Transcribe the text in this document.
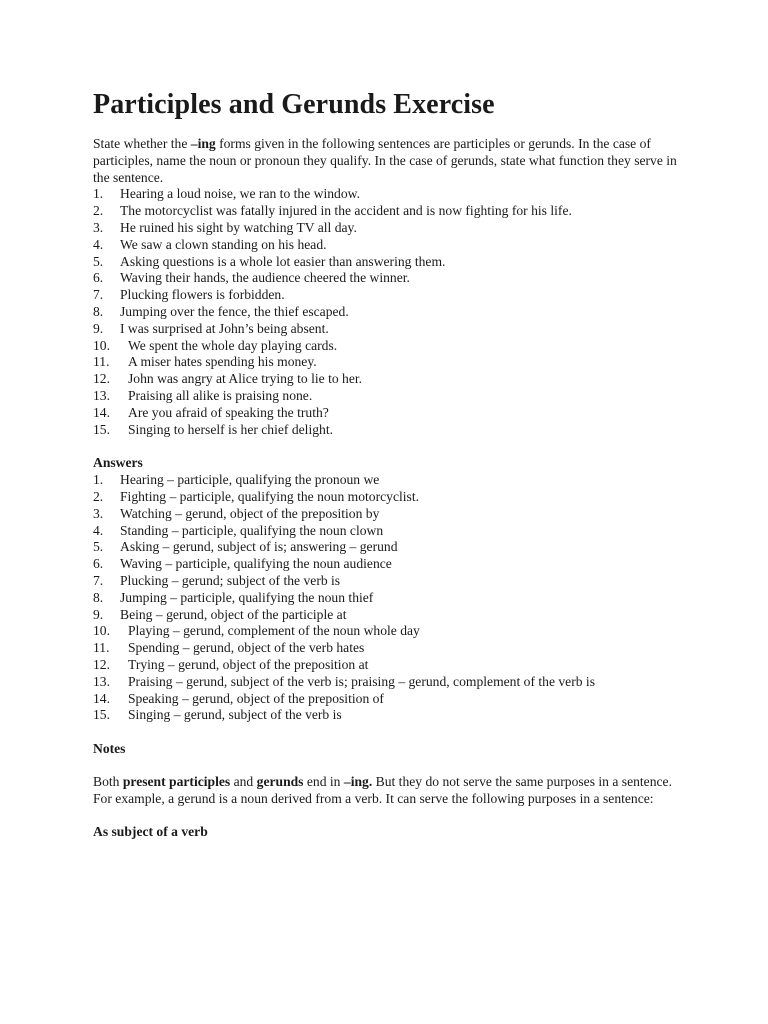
Participles and Gerunds Exercise

State whether the –ing forms given in the following sentences are participles or gerunds. In the case of participles, name the noun or pronoun they qualify. In the case of gerunds, state what function they serve in the sentence.

1.	Hearing a loud noise, we ran to the window.
2.	The motorcyclist was fatally injured in the accident and is now fighting for his life.
3.	He ruined his sight by watching TV all day.
4.	We saw a clown standing on his head.
5.	Asking questions is a whole lot easier than answering them.
6.	Waving their hands, the audience cheered the winner.
7.	Plucking flowers is forbidden.
8.	Jumping over the fence, the thief escaped.
9.	I was surprised at John’s being absent.
10.	We spent the whole day playing cards.
11.	A miser hates spending his money.
12.	John was angry at Alice trying to lie to her.
13.	Praising all alike is praising none.
14.	Are you afraid of speaking the truth?
15.	Singing to herself is her chief delight.

Answers

1.	Hearing – participle, qualifying the pronoun we
2.	Fighting – participle, qualifying the noun motorcyclist.
3.	Watching – gerund, object of the preposition by
4.	Standing – participle, qualifying the noun clown
5.	Asking – gerund, subject of is; answering – gerund
6.	Waving – participle, qualifying the noun audience
7.	Plucking – gerund; subject of the verb is
8.	Jumping – participle, qualifying the noun thief
9.	Being – gerund, object of the participle at
10.	Playing – gerund, complement of the noun whole day
11.	Spending – gerund, object of the verb hates
12.	Trying – gerund, object of the preposition at
13.	Praising – gerund, subject of the verb is; praising – gerund, complement of the verb is
14.	Speaking – gerund, object of the preposition of
15.	Singing – gerund, subject of the verb is

Notes

Both present participles and gerunds end in –ing. But they do not serve the same purposes in a sentence. For example, a gerund is a noun derived from a verb. It can serve the following purposes in a sentence:

As subject of a verb
